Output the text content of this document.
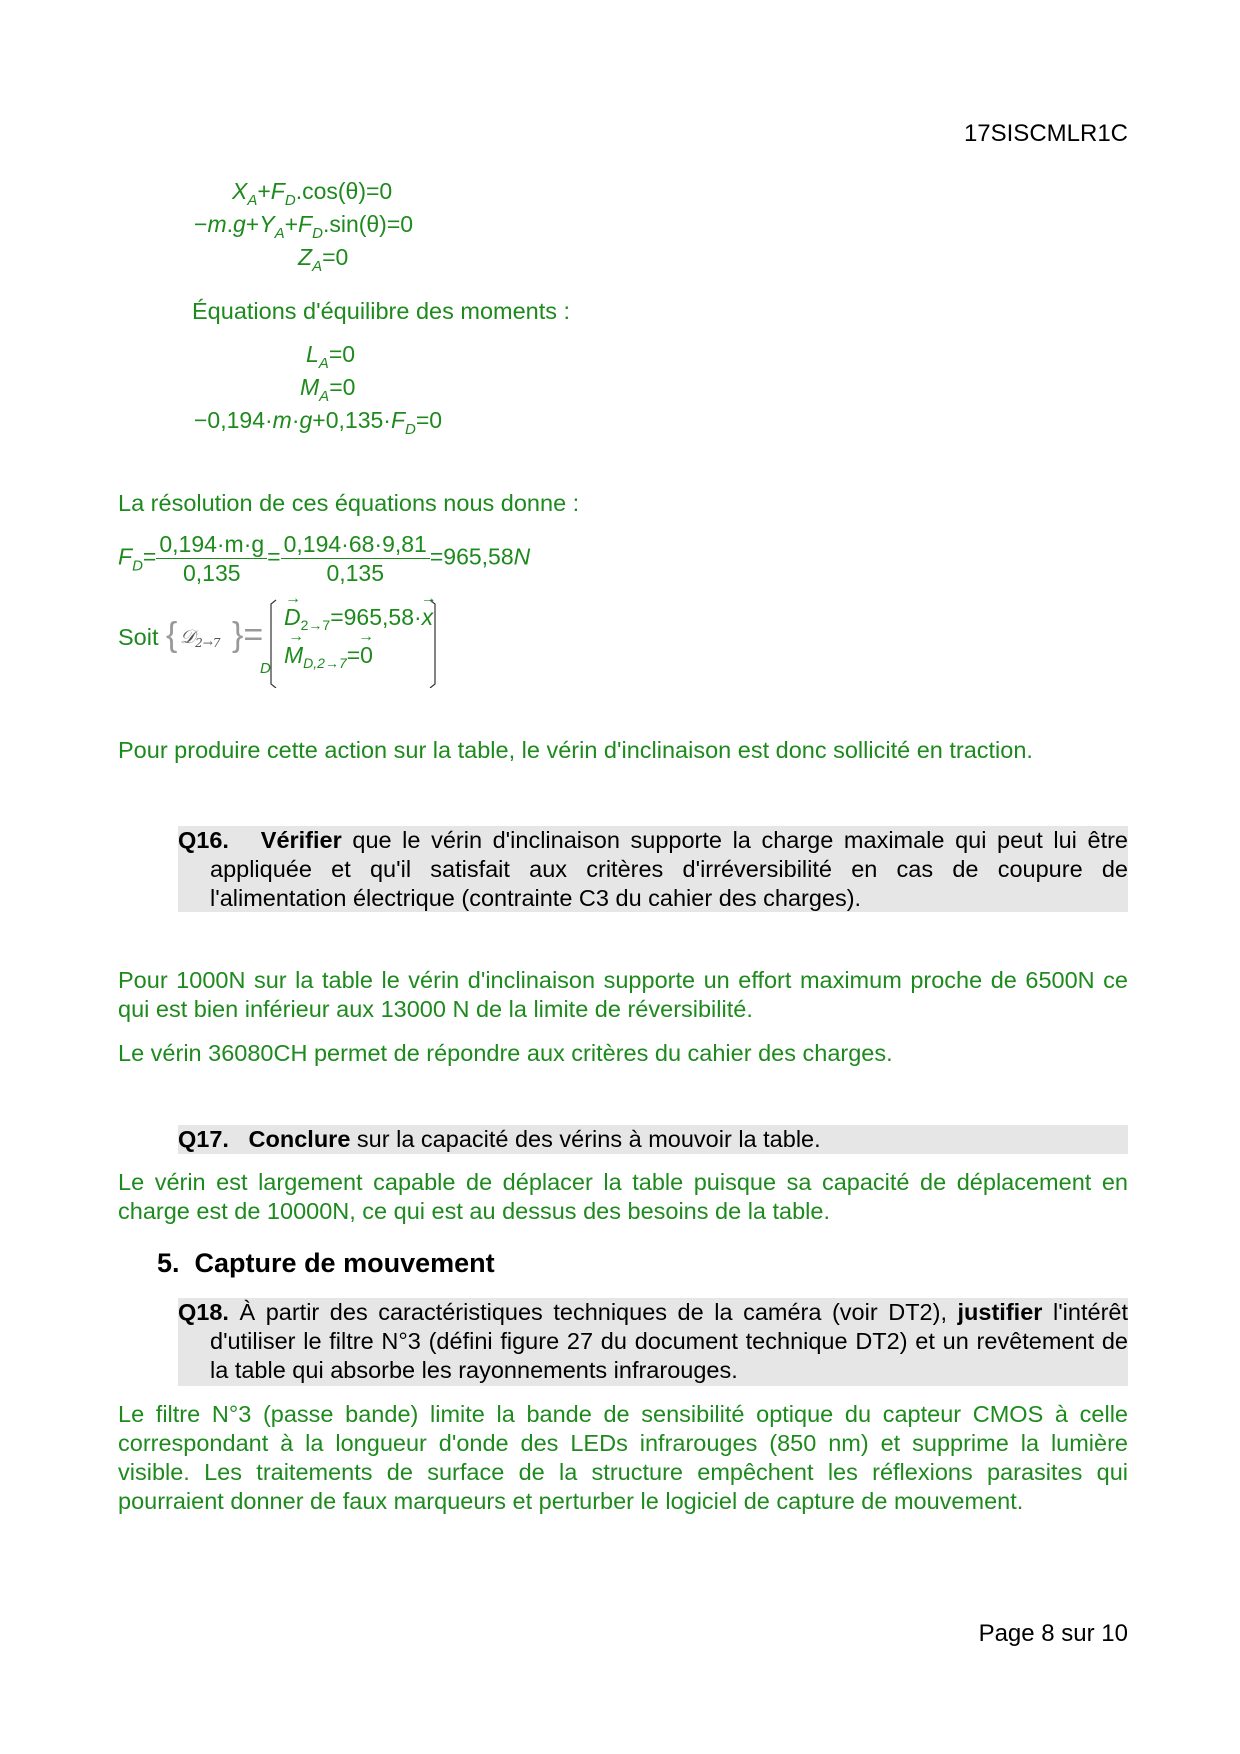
17SISCMLR1C
$X_A+F_D.\cos(\theta)=0$
$-m.g+Y_A+F_D.\sin(\theta)=0$
$Z_A=0$
Équations d'équilibre des moments :
$L_A=0$
$M_A=0$
$-0,194\cdot m\cdot g+0,135\cdot F_D=0$
La résolution de ces équations nous donne :
$F_D= \frac{0,194\cdot m\cdot g}{0,135} = \frac{0,194\cdot 68\cdot 9,81}{0,135} =965,58N$
Soit { 𝒟$_{2\to 7}$ }=
D
D
→
$_{2\to 7}$=965,58·x
→
M
→
$_{D,2\to 7}$=0
→
Pour produire cette action sur la table, le vérin d'inclinaison est donc sollicité en traction.
Q16. Vérifier que le vérin d'inclinaison supporte la charge maximale qui peut lui être appliquée et qu'il satisfait aux critères d'irréversibilité en cas de coupure de l'alimentation électrique (contrainte C3 du cahier des charges).
Pour 1000N sur la table le vérin d'inclinaison supporte un effort maximum proche de 6500N ce qui est bien inférieur aux 13000 N de la limite de réversibilité.
Le vérin 36080CH permet de répondre aux critères du cahier des charges.
Q17. Conclure sur la capacité des vérins à mouvoir la table.
Le vérin est largement capable de déplacer la table puisque sa capacité de déplacement en charge est de 10000N, ce qui est au dessus des besoins de la table.
5. Capture de mouvement
Q18. À partir des caractéristiques techniques de la caméra (voir DT2), justifier l'intérêt d'utiliser le filtre N°3 (défini figure 27 du document technique DT2) et un revêtement de la table qui absorbe les rayonnements infrarouges.
Le filtre N°3 (passe bande) limite la bande de sensibilité optique du capteur CMOS à celle correspondant à la longueur d'onde des LEDs infrarouges (850 nm) et supprime la lumière visible. Les traitements de surface de la structure empêchent les réflexions parasites qui pourraient donner de faux marqueurs et perturber le logiciel de capture de mouvement.
Page 8 sur 10
